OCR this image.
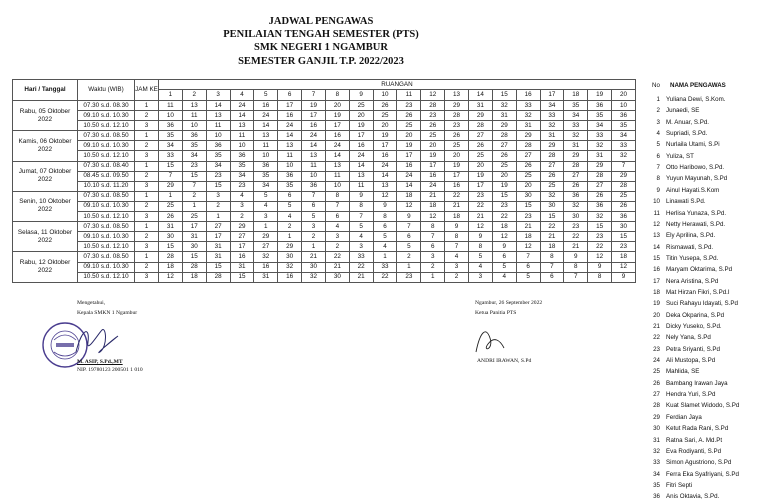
JADWAL PENGAWAS
PENILAIAN TENGAH SEMESTER (PTS)
SMK NEGERI 1 NGAMBUR
SEMESTER GANJIL T.P. 2022/2023
Hari / Tanggal	Waktu (WIB)	JAM KE	RUANGAN																			
			1	2	3	4	5	6	7	8	9	10	11	12	13	14	15	16	17	18	19	20
Rabu, 05 Oktober 2022	07.30 s.d. 08.30	1	11	13	14	24	16	17	19	20	25	26	23	28	29	31	32	33	34	35	36	10
	09.10 s.d. 10.30	2	10	11	13	14	24	16	17	19	20	25	26	23	28	29	31	32	33	34	35	36
	10.50 s.d. 12.10	3	36	10	11	13	14	24	16	17	19	20	25	26	23	28	29	31	32	33	34	35
Kamis, 06 Oktober 2022	07.30 s.d. 08.50	1	35	36	10	11	13	14	24	16	17	19	20	25	26	27	28	29	31	32	33	34
	09.10 s.d. 10.30	2	34	35	36	10	11	13	14	24	16	17	19	20	25	26	27	28	29	31	32	33
	10.50 s.d. 12.10	3	33	34	35	36	10	11	13	14	24	16	17	19	20	25	26	27	28	29	31	32
Jumat, 07 Oktober 2022	07.30 s.d. 08.40	1	15	23	34	35	36	10	11	13	14	24	16	17	19	20	25	26	27	28	29	7
	08.45 s.d. 09.50	2	7	15	23	34	35	36	10	11	13	14	24	16	17	19	20	25	26	27	28	29
	10.10 s.d. 11.20	3	29	7	15	23	34	35	36	10	11	13	14	24	16	17	19	20	25	26	27	28
Senin, 10 Oktober 2022	07.30 s.d. 08.50	1	1	2	3	4	5	6	7	8	9	12	18	21	22	23	15	30	32	36	26	25
	09.10 s.d. 10.30	2	25	1	2	3	4	5	6	7	8	9	12	18	21	22	23	15	30	32	36	26
	10.50 s.d. 12.10	3	26	25	1	2	3	4	5	6	7	8	9	12	18	21	22	23	15	30	32	36
Selasa, 11 Oktober 2022	07.30 s.d. 08.50	1	31	17	27	29	1	2	3	4	5	6	7	8	9	12	18	21	22	23	15	30
	09.10 s.d. 10.30	2	30	31	17	27	29	1	2	3	4	5	6	7	8	9	12	18	21	22	23	15
	10.50 s.d. 12.10	3	15	30	31	17	27	29	1	2	3	4	5	6	7	8	9	12	18	21	22	23
Rabu, 12 Oktober 2022	07.30 s.d. 08.50	1	28	15	31	16	32	30	21	22	33	1	2	3	4	5	6	7	8	9	12	18
	09.10 s.d. 10.30	2	18	28	15	31	16	32	30	21	22	33	1	2	3	4	5	6	7	8	9	12
	10.50 s.d. 12.10	3	12	18	28	15	31	16	32	30	21	22	23	1	2	3	4	5	6	7	8	9
Mengetahui,
Kepala SMKN 1 Ngambur
M. ASIP, S.Pd.,MT
NIP. 19780123 200501 1 010
Ngambur, 26 September 2022
Ketua Panitia PTS
ANDRI IRAWAN, S.Pd
No	NAMA PENGAWAS
1 Yuliana Dewi, S.Kom.
2 Junaedi, SE
3 M. Anuar, S.Pd.
4 Supriadi, S.Pd.
5 Nurlaila Utami, S.Pi
6 Yuliza, ST
7 Otto Haribowo, S.Pd.
8 Yuyun Mayunah, S.Pd
9 Ainul Hayati.S.Kom
10 Linawati S.Pd.
11 Herlisa Yunaza, S.Pd.
12 Netty Herawati, S.Pd.
13 Ely Aprilina, S.Pd.
14 Rismawati, S.Pd.
15 Titin Yusepa, S.Pd.
16 Maryam Oktarima, S.Pd
17 Nera Aristina, S.Pd
18 Mat Hirzan Fikri, S.Pd.I
19 Suci Rahayu Idayati, S.Pd
20 Deka Okparina, S.Pd
21 Dicky Yuseko, S.Pd.
22 Nely Yana, S.Pd
23 Petra Sriyanti, S.Pd
24 Ali Mustopa, S.Pd
25 Mahlida, SE
26 Bambang Irawan Jaya
27 Hendra Yuri, S.Pd
28 Kuat Slamet Widodo, S.Pd
29 Ferdian Jaya
30 Ketut Rada Rani, S.Pd
31 Ratna Sari, A. Md.Pt
32 Eva Rodiyanti, S.Pd
33 Simon Agustriono, S.Pd
34 Ferra Eka Syafriyani, S.Pd
35 Fitri Septi
36 Anis Oktavia, S.Pd.
